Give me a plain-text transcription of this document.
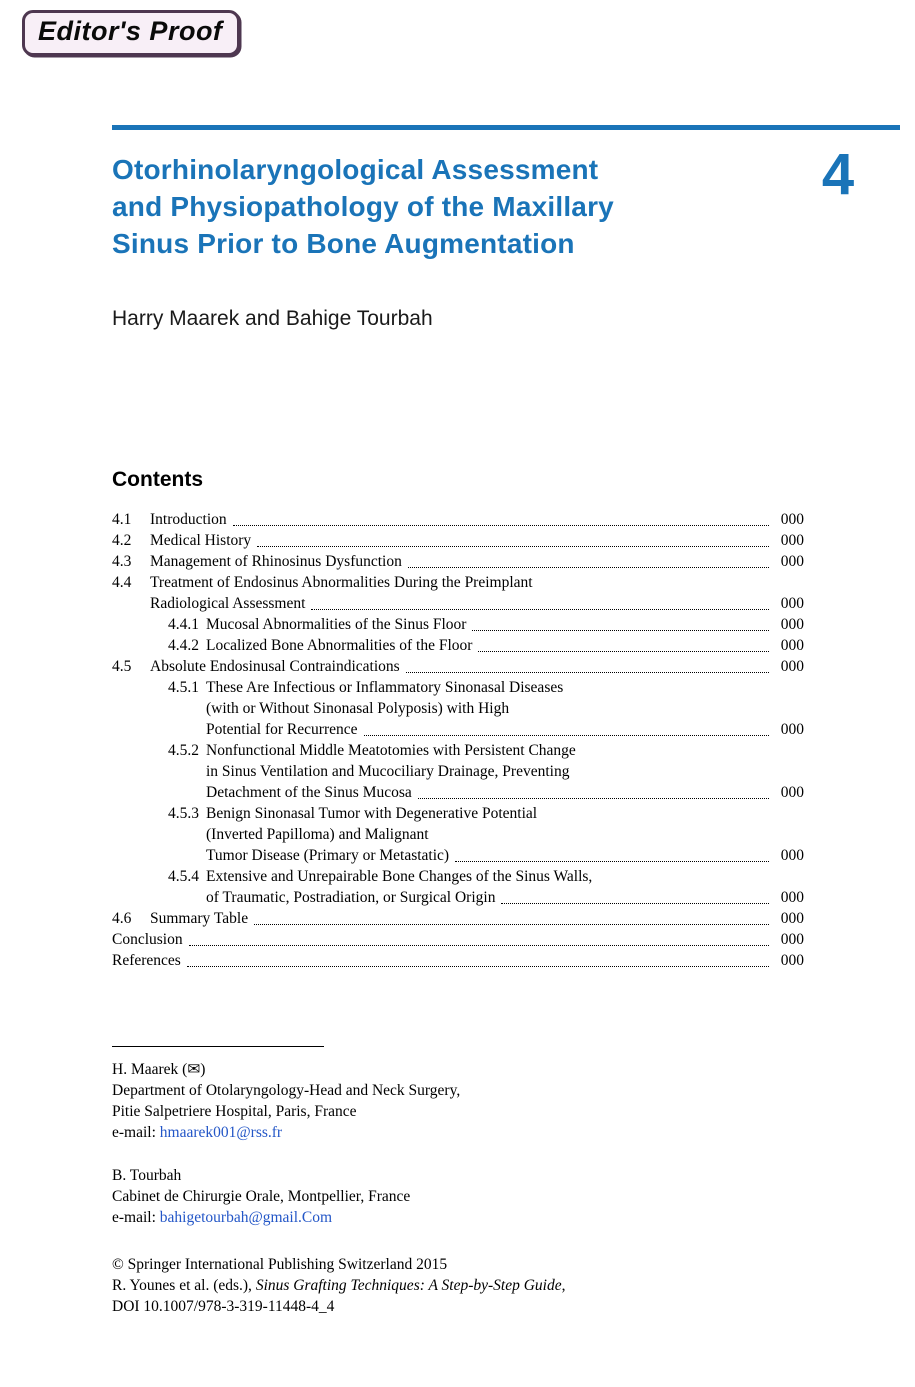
Editor's Proof
Otorhinolaryngological Assessment
and Physiopathology of the Maxillary
Sinus Prior to Bone Augmentation
4
Harry Maarek and Bahige Tourbah
Contents
4.1	Introduction	000
4.2	Medical History	000
4.3	Management of Rhinosinus Dysfunction	000
4.4	Treatment of Endosinus Abnormalities During the Preimplant
Radiological Assessment	000
4.4.1 Mucosal Abnormalities of the Sinus Floor	000
4.4.2 Localized Bone Abnormalities of the Floor	000
4.5	Absolute Endosinusal Contraindications	000
4.5.1 These Are Infectious or Inflammatory Sinonasal Diseases
(with or Without Sinonasal Polyposis) with High
Potential for Recurrence	000
4.5.2 Nonfunctional Middle Meatotomies with Persistent Change
in Sinus Ventilation and Mucociliary Drainage, Preventing
Detachment of the Sinus Mucosa	000
4.5.3 Benign Sinonasal Tumor with Degenerative Potential
(Inverted Papilloma) and Malignant
Tumor Disease (Primary or Metastatic)	000
4.5.4 Extensive and Unrepairable Bone Changes of the Sinus Walls,
of Traumatic, Postradiation, or Surgical Origin	000
4.6	Summary Table	000
Conclusion	000
References	000
H. Maarek (✉)
Department of Otolaryngology-Head and Neck Surgery,
Pitie Salpetriere Hospital, Paris, France
e-mail: hmaarek001@rss.fr
B. Tourbah
Cabinet de Chirurgie Orale, Montpellier, France
e-mail: bahigetourbah@gmail.Com
© Springer International Publishing Switzerland 2015
R. Younes et al. (eds.), Sinus Grafting Techniques: A Step-by-Step Guide,
DOI 10.1007/978-3-319-11448-4_4
